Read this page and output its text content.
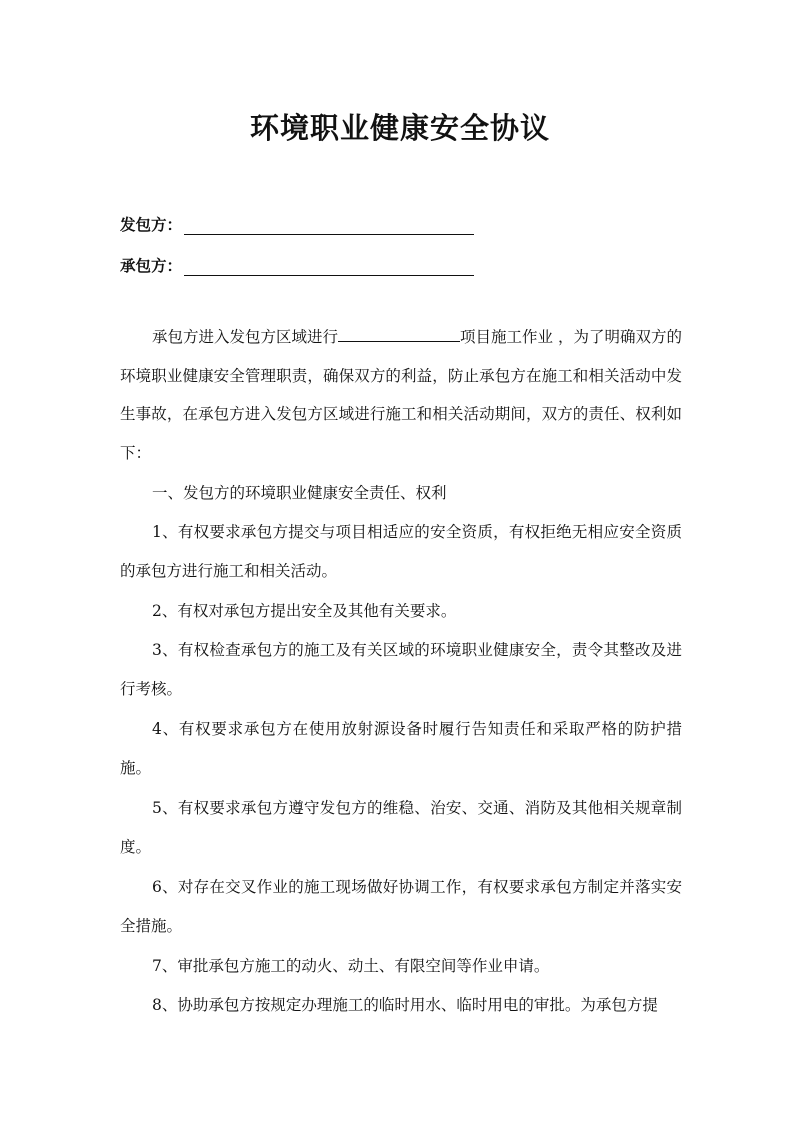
环境职业健康安全协议
发包方：
承包方：

承包方进入发包方区域进行	项目施工作业 ，为了明确双方的环境职业健康安全管理职责，确保双方的利益，防止承包方在施工和相关活动中发生事故，在承包方进入发包方区域进行施工和相关活动期间，双方的责任、权利如下：

一、发包方的环境职业健康安全责任、权利

1、有权要求承包方提交与项目相适应的安全资质，有权拒绝无相应安全资质的承包方进行施工和相关活动。

2、有权对承包方提出安全及其他有关要求。

3、有权检查承包方的施工及有关区域的环境职业健康安全，责令其整改及进行考核。

4、有权要求承包方在使用放射源设备时履行告知责任和采取严格的防护措施。

5、有权要求承包方遵守发包方的维稳、治安、交通、消防及其他相关规章制度。

6、对存在交叉作业的施工现场做好协调工作，有权要求承包方制定并落实安全措施。

7、审批承包方施工的动火、动土、有限空间等作业申请。

8、协助承包方按规定办理施工的临时用水、临时用电的审批。为承包方提
